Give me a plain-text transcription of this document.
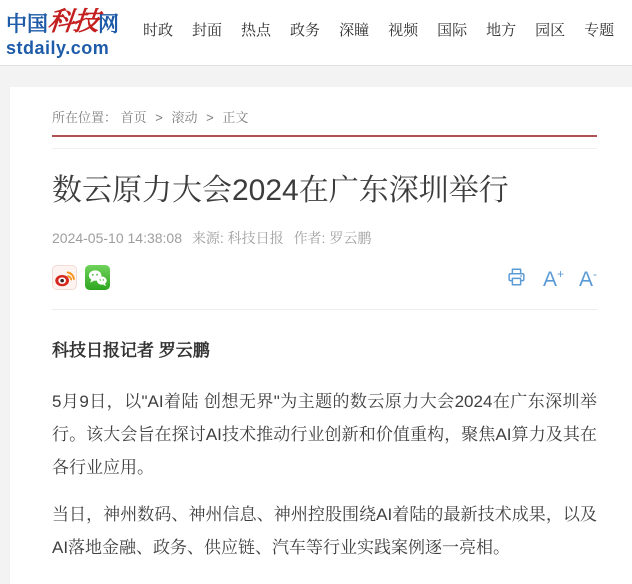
中国科技网
stdaily.com
时政 封面 热点 政务 深瞳 视频 国际 地方 园区 专题
所在位置： 首页 > 滚动 > 正文
数云原力大会2024在广东深圳举行
2024-05-10 14:38:08 来源: 科技日报 作者: 罗云鹏
A+ A-

科技日报记者 罗云鹏

5月9日，以"AI着陆 创想无界"为主题的数云原力大会2024在广东深圳举行。该大会旨在探讨AI技术推动行业创新和价值重构，聚焦AI算力及其在各行业应用。

当日，神州数码、神州信息、神州控股围绕AI着陆的最新技术成果，以及AI落地金融、政务、供应链、汽车等行业实践案例逐一亮相。
